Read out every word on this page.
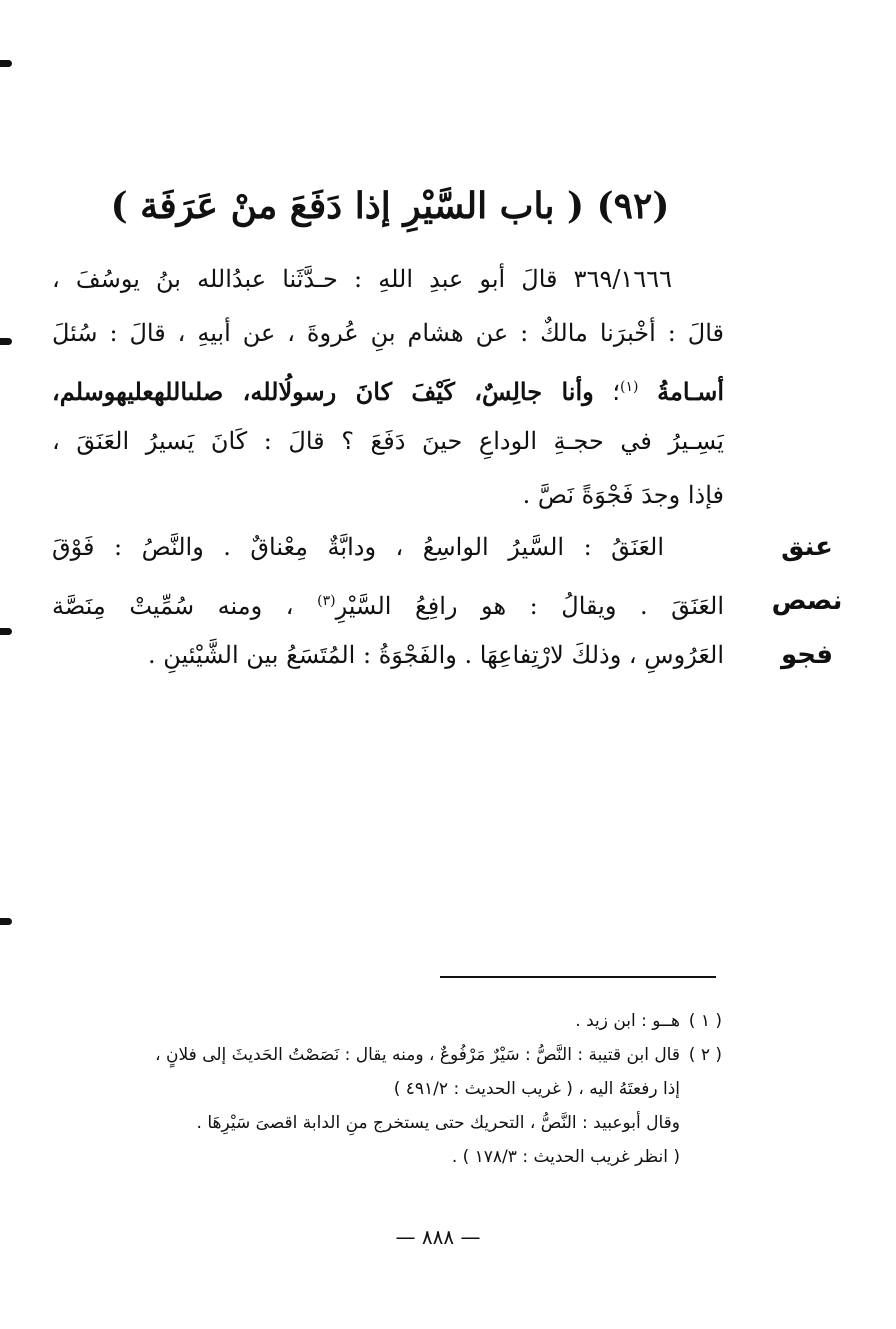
(٩٢) ( باب السَّيْرِ إذا دَفَعَ منْ عَرَفَة )
٣٦٩/١٦٦٦ قالَ أبو عبدِ اللهِ : حـدَّثَنا عبدُالله بنُ يوسُفَ ،
قالَ : أخْبرَنا مالكٌ : عن هشام بنِ عُروةَ ، عن أبيهِ ، قالَ : سُئلَ
أسـامةُ $^{(١)}$؛ وأنا جالِسٌ، كَيْفَ كانَ رسولُالله، صلىاللهعليهوسلم،
يَسِـيرُ في حجـةِ الوداعِ حينَ دَفَعَ ؟ قالَ : كَانَ يَسيرُ العَنَقَ ،
فإذا وجدَ فَجْوَةً نَصَّ .
عنق
نصص
فجو
العَنَقُ : السَّيرُ الواسِعُ ، ودابَّةٌ مِعْناقٌ . والنَّصُ : فَوْقَ
العَنَقَ . ويقالُ : هو رافِعُ السَّيْرِ$^{(٣)}$ ، ومنه سُمِّيتْ مِنَصَّة
العَرُوسِ ، وذلكَ لارْتِفاعِهَا . والفَجْوَةُ : المُتَسَعُ بين الشَّيْئينِ .
( ١ )
هــو : ابن زيد .
( ٢ )
قال ابن قتيبة : النَّصُّ : سَيْرٌ مَرْفُوعٌ ، ومنه يقال : نَصَصْتُ الحَديثَ إلى فلانٍ ،
إذا رفعتَهُ اليه ، ( غريب الحديث : ٤٩١/٢ )
وقال أبوعبيد : النَّصُّ ، التحريك حتى يستخرج منِ الدابة اقصىَ سَيْرِهَا .
( انظر غريب الحديث : ١٧٨/٣ ) .
— ٨٨٨ —
